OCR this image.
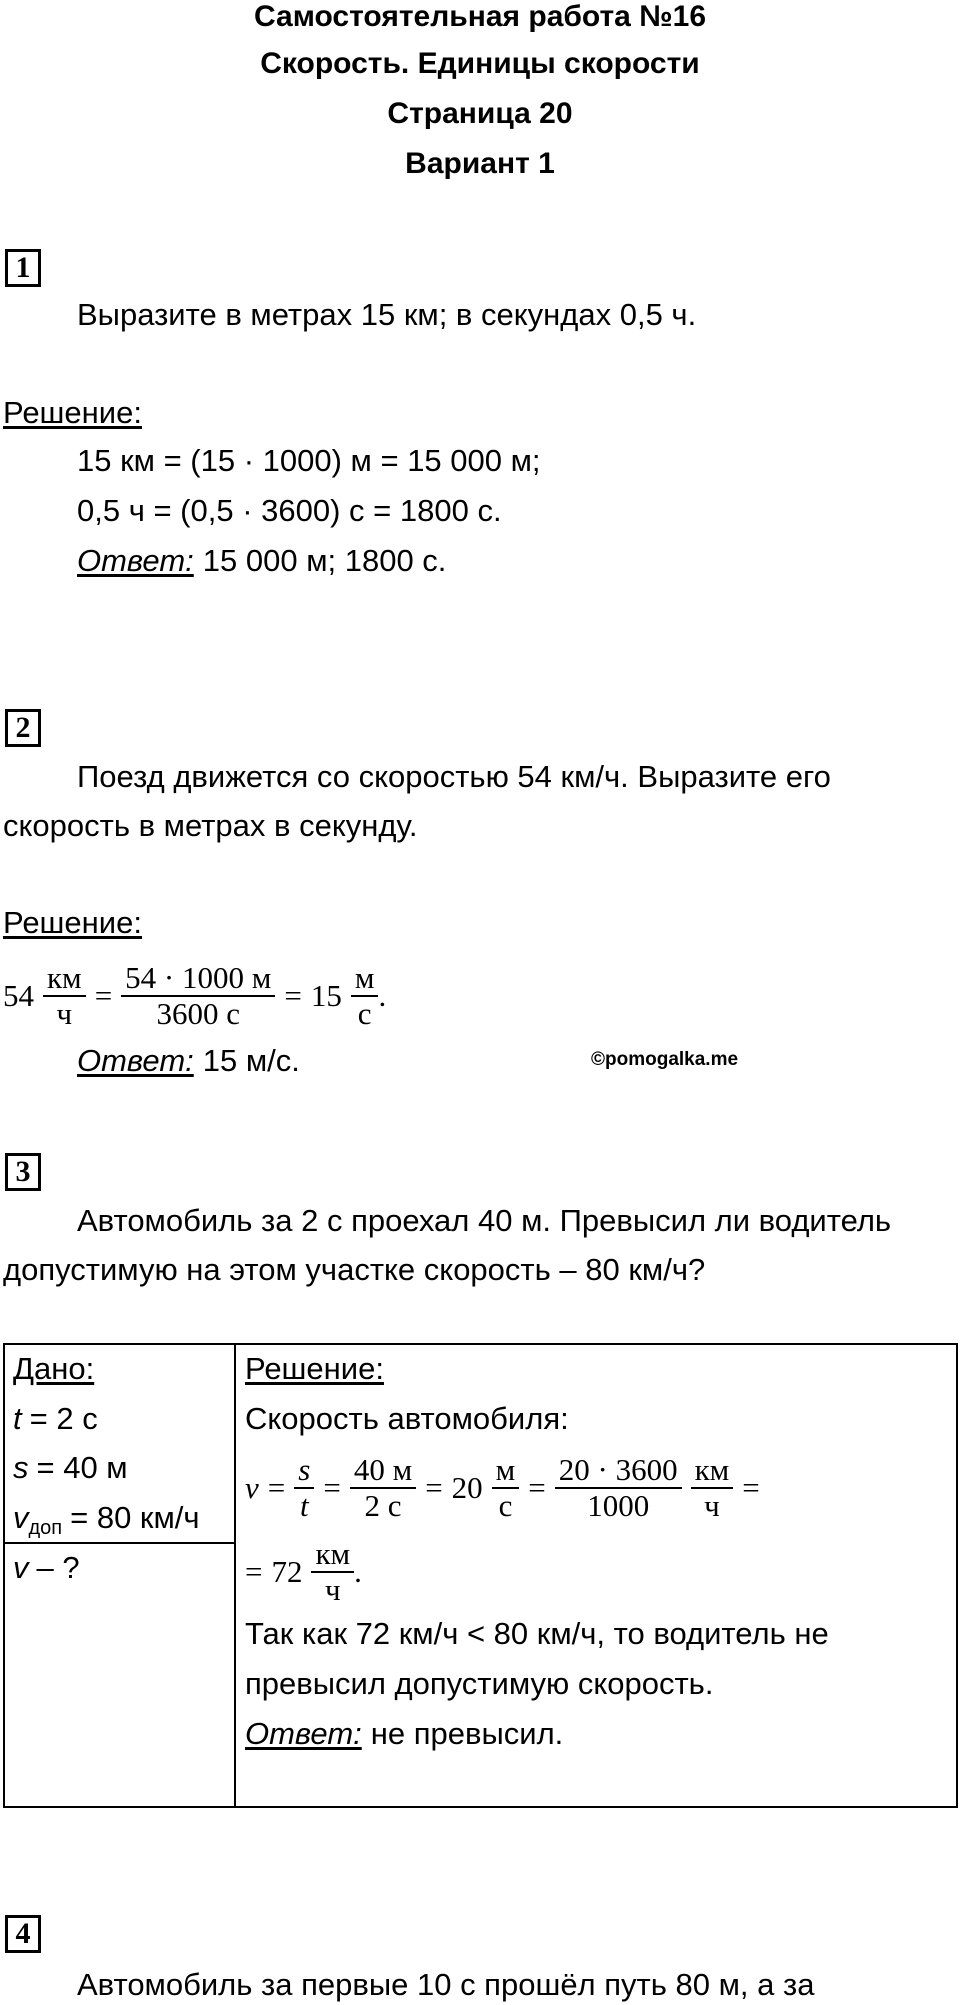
Самостоятельная работа №16
Скорость. Единицы скорости
Страница 20
Вариант 1
1
Выразите в метрах 15 км; в секундах 0,5 ч.
Решение:
15 км = (15 · 1000) м = 15 000 м;
0,5 ч = (0,5 · 3600) с = 1800 с.
Ответ: 15 000 м; 1800 с.
2
Поезд движется со скоростью 54 км/ч. Выразите его
скорость в метрах в секунду.
Решение:
$54 \frac{км}{ч} = \frac{54 \cdot 1000 м}{3600 с} = 15 \frac{м}{с}$ .
Ответ: 15 м/с.	©pomogalka.me
3
Автомобиль за 2 с проехал 40 м. Превысил ли водитель
допустимую на этом участке скорость – 80 км/ч?
Дано:
t = 2 с
s = 40 м
$v_{доп} = 80$ км/ч
v – ?
Решение:
Скорость автомобиля:
$v = \frac{s}{t} = \frac{40 м}{2 с} = 20 \frac{м}{с} = \frac{20 \cdot 3600}{1000} \frac{км}{ч}$ =
= $72 \frac{км}{ч}$ .
Так как 72 км/ч < 80 км/ч, то водитель не
превысил допустимую скорость.
Ответ: не превысил.
4
Автомобиль за первые 10 с прошёл путь 80 м, а за
